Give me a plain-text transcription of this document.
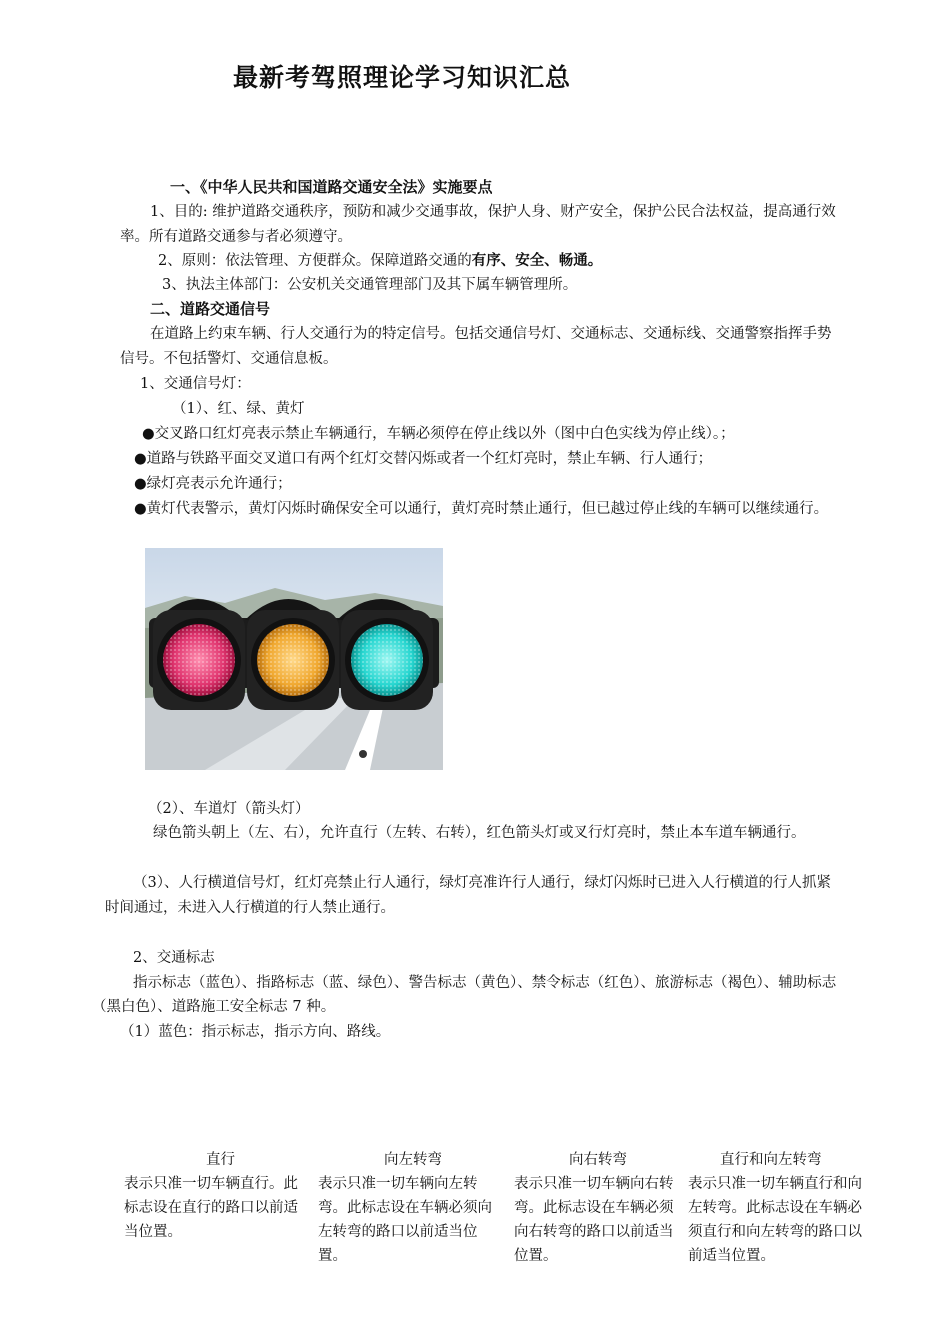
最新考驾照理论学习知识汇总
一、《中华人民共和国道路交通安全法》实施要点
1、目的: 维护道路交通秩序，预防和减少交通事故，保护人身、财产安全，保护公民合法权益，提高通行效
率。所有道路交通参与者必须遵守。
2、原则：依法管理、方便群众。保障道路交通的有序、安全、畅通。
3、执法主体部门：公安机关交通管理部门及其下属车辆管理所。
二、道路交通信号
在道路上约束车辆、行人交通行为的特定信号。包括交通信号灯、交通标志、交通标线、交通警察指挥手势
信号。不包括警灯、交通信息板。
1、交通信号灯：
（1）、红、绿、黄灯
●交叉路口红灯亮表示禁止车辆通行，车辆必须停在停止线以外（图中白色实线为停止线）。；
●道路与铁路平面交叉道口有两个红灯交替闪烁或者一个红灯亮时，禁止车辆、行人通行；
●绿灯亮表示允许通行；
●黄灯代表警示，黄灯闪烁时确保安全可以通行，黄灯亮时禁止通行，但已越过停止线的车辆可以继续通行。
（2）、车道灯（箭头灯）
绿色箭头朝上（左、右），允许直行（左转、右转），红色箭头灯或叉行灯亮时，禁止本车道车辆通行。
（3）、人行横道信号灯，红灯亮禁止行人通行，绿灯亮准许行人通行，绿灯闪烁时已进入人行横道的行人抓紧
时间通过，未进入人行横道的行人禁止通行。
2、交通标志
指示标志（蓝色）、指路标志（蓝、绿色）、警告标志（黄色）、禁令标志（红色）、旅游标志（褐色）、辅助标志
（黑白色）、道路施工安全标志 7 种。
（1）蓝色：指示标志，指示方向、路线。
直行
表示只准一切车辆直行。此标志设在直行的路口以前适当位置。
向左转弯
表示只准一切车辆向左转弯。此标志设在车辆必须向左转弯的路口以前适当位置。
向右转弯
表示只准一切车辆向右转弯。此标志设在车辆必须向右转弯的路口以前适当位置。
直行和向左转弯
表示只准一切车辆直行和向左转弯。此标志设在车辆必须直行和向左转弯的路口以前适当位置。
